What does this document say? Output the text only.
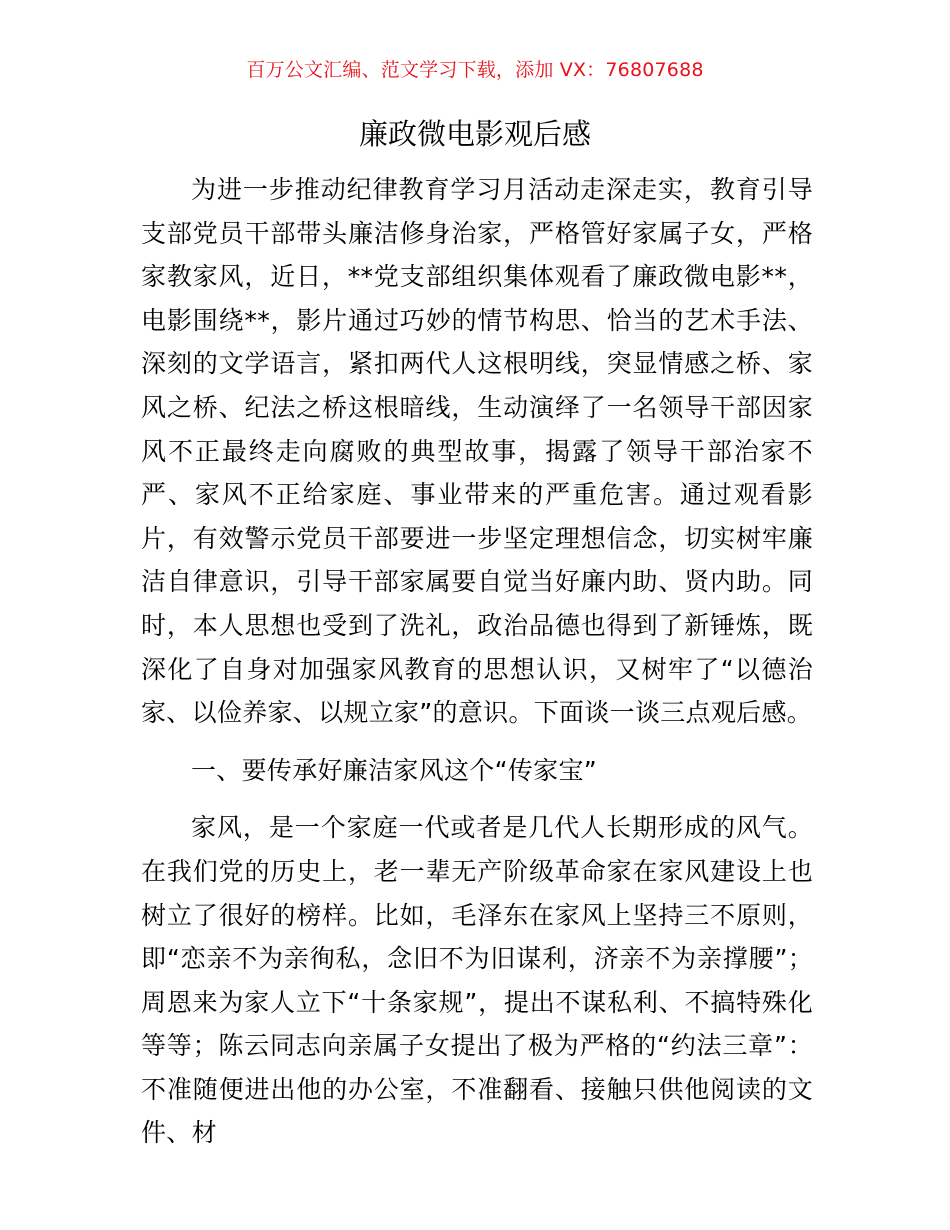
百万公文汇编、范文学习下载，添加 VX：76807688
廉政微电影观后感

为进一步推动纪律教育学习月活动走深走实，教育引导支部党员干部带头廉洁修身治家，严格管好家属子女，严格家教家风，近日，**党支部组织集体观看了廉政微电影**，电影围绕**，影片通过巧妙的情节构思、恰当的艺术手法、深刻的文学语言，紧扣两代人这根明线，突显情感之桥、家风之桥、纪法之桥这根暗线，生动演绎了一名领导干部因家风不正最终走向腐败的典型故事，揭露了领导干部治家不严、家风不正给家庭、事业带来的严重危害。通过观看影片，有效警示党员干部要进一步坚定理想信念，切实树牢廉洁自律意识，引导干部家属要自觉当好廉内助、贤内助。同时，本人思想也受到了洗礼，政治品德也得到了新锤炼，既深化了自身对加强家风教育的思想认识，又树牢了“以德治家、以俭养家、以规立家”的意识。下面谈一谈三点观后感。

一、要传承好廉洁家风这个“传家宝”

家风，是一个家庭一代或者是几代人长期形成的风气。在我们党的历史上，老一辈无产阶级革命家在家风建设上也树立了很好的榜样。比如，毛泽东在家风上坚持三不原则，即“恋亲不为亲徇私，念旧不为旧谋利，济亲不为亲撑腰”；周恩来为家人立下“十条家规”，提出不谋私利、不搞特殊化等等；陈云同志向亲属子女提出了极为严格的“约法三章”：不准随便进出他的办公室，不准翻看、接触只供他阅读的文件、材
